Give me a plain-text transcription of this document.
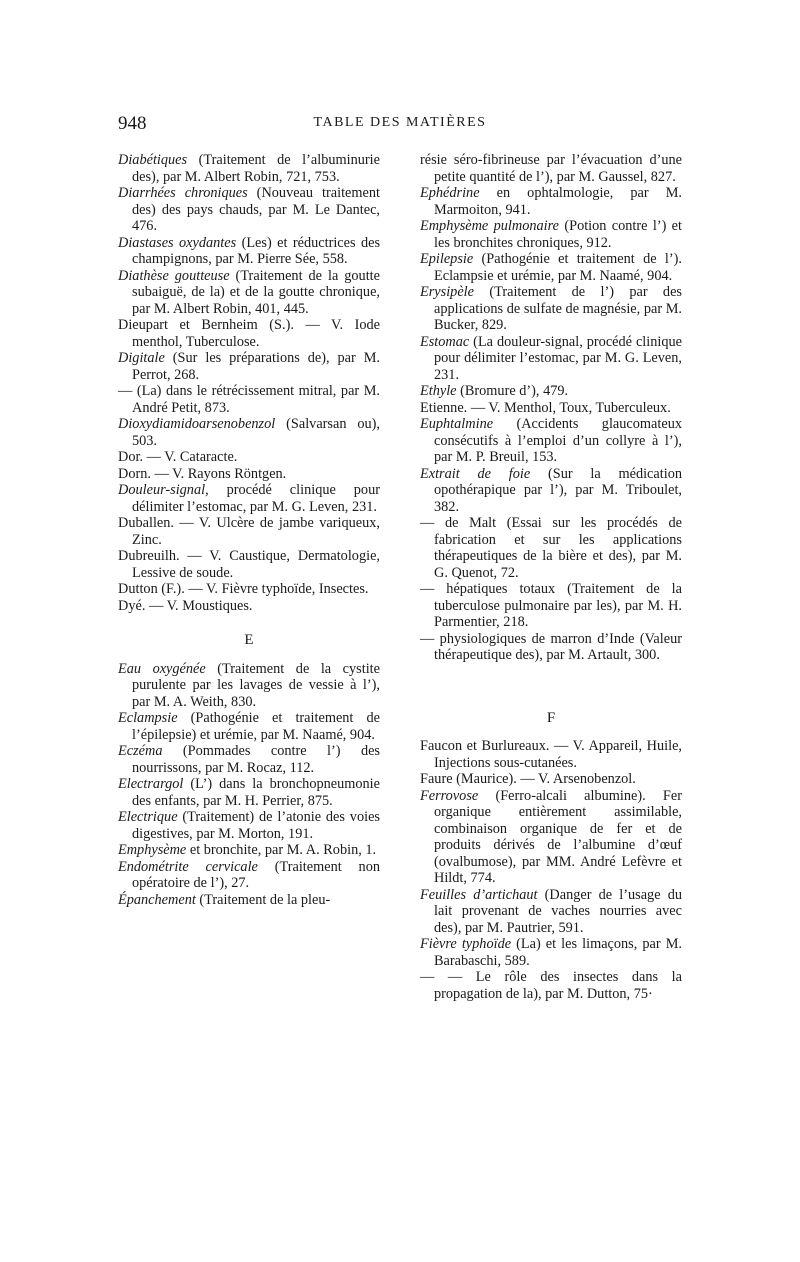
948	TABLE DES MATIÈRES

Diabétiques (Traitement de l’albuminurie des), par M. Albert Robin, 721, 753.

Diarrhées chroniques (Nouveau traitement des) des pays chauds, par M. Le Dantec, 476.

Diastases oxydantes (Les) et réductrices des champignons, par M. Pierre Sée, 558.

Diathèse goutteuse (Traitement de la goutte subaiguë, de la) et de la goutte chronique, par M. Albert Robin, 401, 445.

Dieupart et Bernheim (S.). — V. Iode menthol, Tuberculose.

Digitale (Sur les préparations de), par M. Perrot, 268.

— (La) dans le rétrécissement mitral, par M. André Petit, 873.

Dioxydiamidoarsenobenzol (Salvarsan ou), 503.

Dor. — V. Cataracte.

Dorn. — V. Rayons Röntgen.

Douleur-signal, procédé clinique pour délimiter l’estomac, par M. G. Leven, 231.

Duballen. — V. Ulcère de jambe variqueux, Zinc.

Dubreuilh. — V. Caustique, Dermatologie, Lessive de soude.

Dutton (F.). — V. Fièvre typhoïde, Insectes.

Dyé. — V. Moustiques.

E

Eau oxygénée (Traitement de la cystite purulente par les lavages de vessie à l’), par M. A. Weith, 830.

Eclampsie (Pathogénie et traitement de l’épilepsie) et urémie, par M. Naamé, 904.

Eczéma (Pommades contre l’) des nourrissons, par M. Rocaz, 112.

Electrargol (L’) dans la bronchopneumonie des enfants, par M. H. Perrier, 875.

Electrique (Traitement) de l’atonie des voies digestives, par M. Morton, 191.

Emphysème et bronchite, par M. A. Robin, 1.

Endométrite cervicale (Traitement non opératoire de l’), 27.

Épanchement (Traitement de la pleu-

résie séro-fibrineuse par l’évacuation d’une petite quantité de l’), par M. Gaussel, 827.

Ephédrine en ophtalmologie, par M. Marmoiton, 941.

Emphysème pulmonaire (Potion contre l’) et les bronchites chroniques, 912.

Epilepsie (Pathogénie et traitement de l’). Eclampsie et urémie, par M. Naamé, 904.

Erysipèle (Traitement de l’) par des applications de sulfate de magnésie, par M. Bucker, 829.

Estomac (La douleur-signal, procédé clinique pour délimiter l’estomac, par M. G. Leven, 231.

Ethyle (Bromure d’), 479.

Etienne. — V. Menthol, Toux, Tuberculeux.

Euphtalmine (Accidents glaucomateux consécutifs à l’emploi d’un collyre à l’), par M. P. Breuil, 153.

Extrait de foie (Sur la médication opothérapique par l’), par M. Triboulet, 382.

— de Malt (Essai sur les procédés de fabrication et sur les applications thérapeutiques de la bière et des), par M. G. Quenot, 72.

— hépatiques totaux (Traitement de la tuberculose pulmonaire par les), par M. H. Parmentier, 218.

— physiologiques de marron d’Inde (Valeur thérapeutique des), par M. Artault, 300.

F

Faucon et Burlureaux. — V. Appareil, Huile, Injections sous-cutanées.

Faure (Maurice). — V. Arsenobenzol.

Ferrovose (Ferro-alcali albumine). Fer organique entièrement assimilable, combinaison organique de fer et de produits dérivés de l’albumine d’œuf (ovalbumose), par MM. André Lefèvre et Hildt, 774.

Feuilles d’artichaut (Danger de l’usage du lait provenant de vaches nourries avec des), par M. Pautrier, 591.

Fièvre typhoïde (La) et les limaçons, par M. Barabaschi, 589.

— — Le rôle des insectes dans la propagation de la), par M. Dutton, 75·
